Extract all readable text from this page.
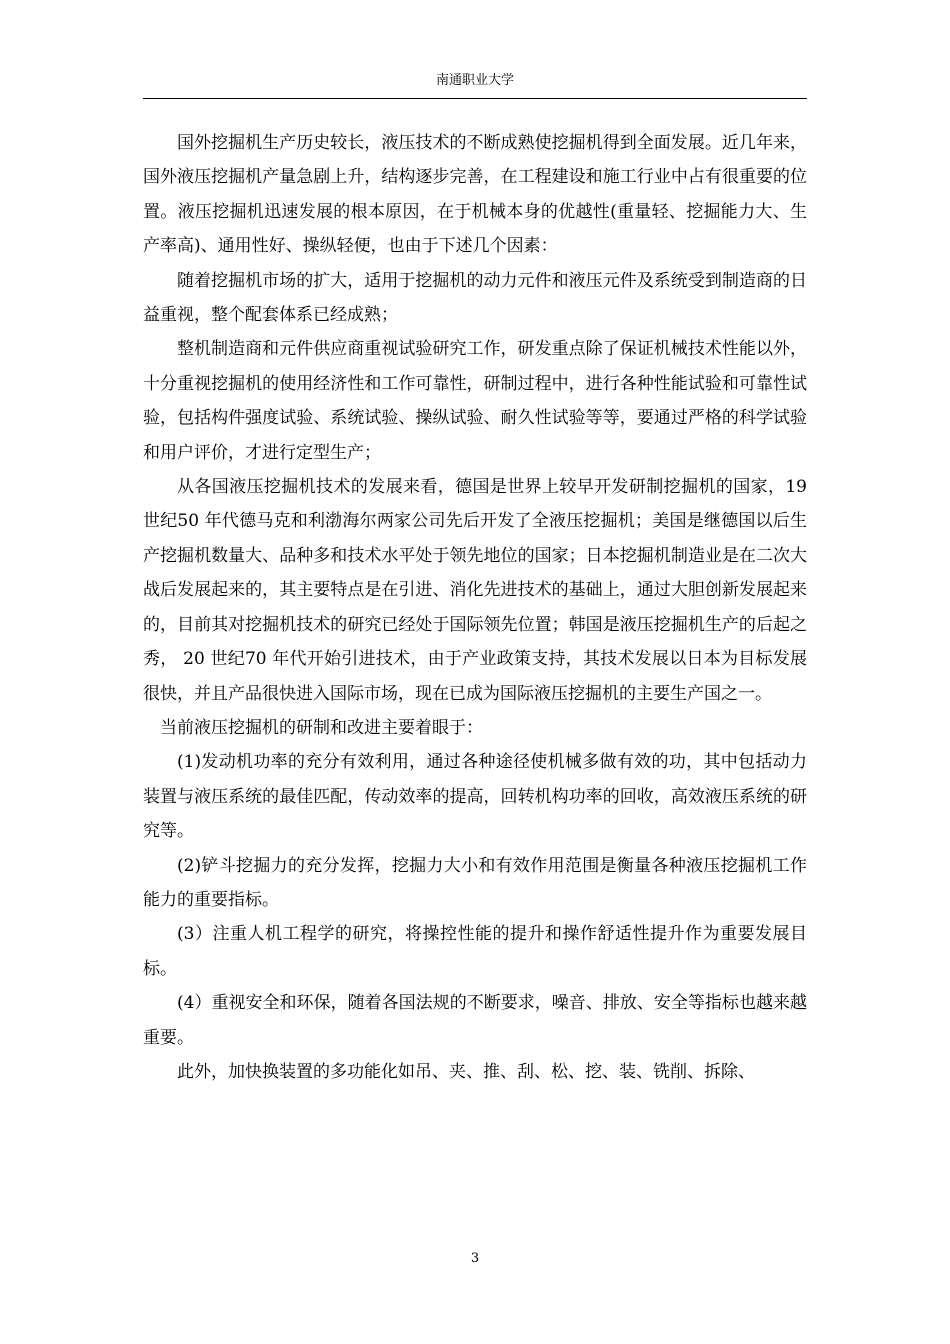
南通职业大学

国外挖掘机生产历史较长，液压技术的不断成熟使挖掘机得到全面发展。近几年来，国外液压挖掘机产量急剧上升，结构逐步完善，在工程建设和施工行业中占有很重要的位置。液压挖掘机迅速发展的根本原因，在于机械本身的优越性(重量轻、挖掘能力大、生产率高)、通用性好、操纵轻便，也由于下述几个因素：

随着挖掘机市场的扩大，适用于挖掘机的动力元件和液压元件及系统受到制造商的日益重视，整个配套体系已经成熟；

整机制造商和元件供应商重视试验研究工作，研发重点除了保证机械技术性能以外，十分重视挖掘机的使用经济性和工作可靠性，研制过程中，进行各种性能试验和可靠性试验，包括构件强度试验、系统试验、操纵试验、耐久性试验等等，要通过严格的科学试验和用户评价，才进行定型生产；

从各国液压挖掘机技术的发展来看，德国是世界上较早开发研制挖掘机的国家，19 世纪50 年代德马克和利渤海尔两家公司先后开发了全液压挖掘机；美国是继德国以后生产挖掘机数量大、品种多和技术水平处于领先地位的国家；日本挖掘机制造业是在二次大战后发展起来的，其主要特点是在引进、消化先进技术的基础上，通过大胆创新发展起来的，目前其对挖掘机技术的研究已经处于国际领先位置；韩国是液压挖掘机生产的后起之秀， 20 世纪70 年代开始引进技术，由于产业政策支持，其技术发展以日本为目标发展很快，并且产品很快进入国际市场，现在已成为国际液压挖掘机的主要生产国之一。

当前液压挖掘机的研制和改进主要着眼于：

(1)发动机功率的充分有效利用，通过各种途径使机械多做有效的功，其中包括动力装置与液压系统的最佳匹配，传动效率的提高，回转机构功率的回收，高效液压系统的研究等。

(2)铲斗挖掘力的充分发挥，挖掘力大小和有效作用范围是衡量各种液压挖掘机工作能力的重要指标。

(3）注重人机工程学的研究，将操控性能的提升和操作舒适性提升作为重要发展目标。

(4）重视安全和环保，随着各国法规的不断要求，噪音、排放、安全等指标也越来越重要。

此外，加快换装置的多功能化如吊、夹、推、刮、松、挖、装、铣削、拆除、

3
